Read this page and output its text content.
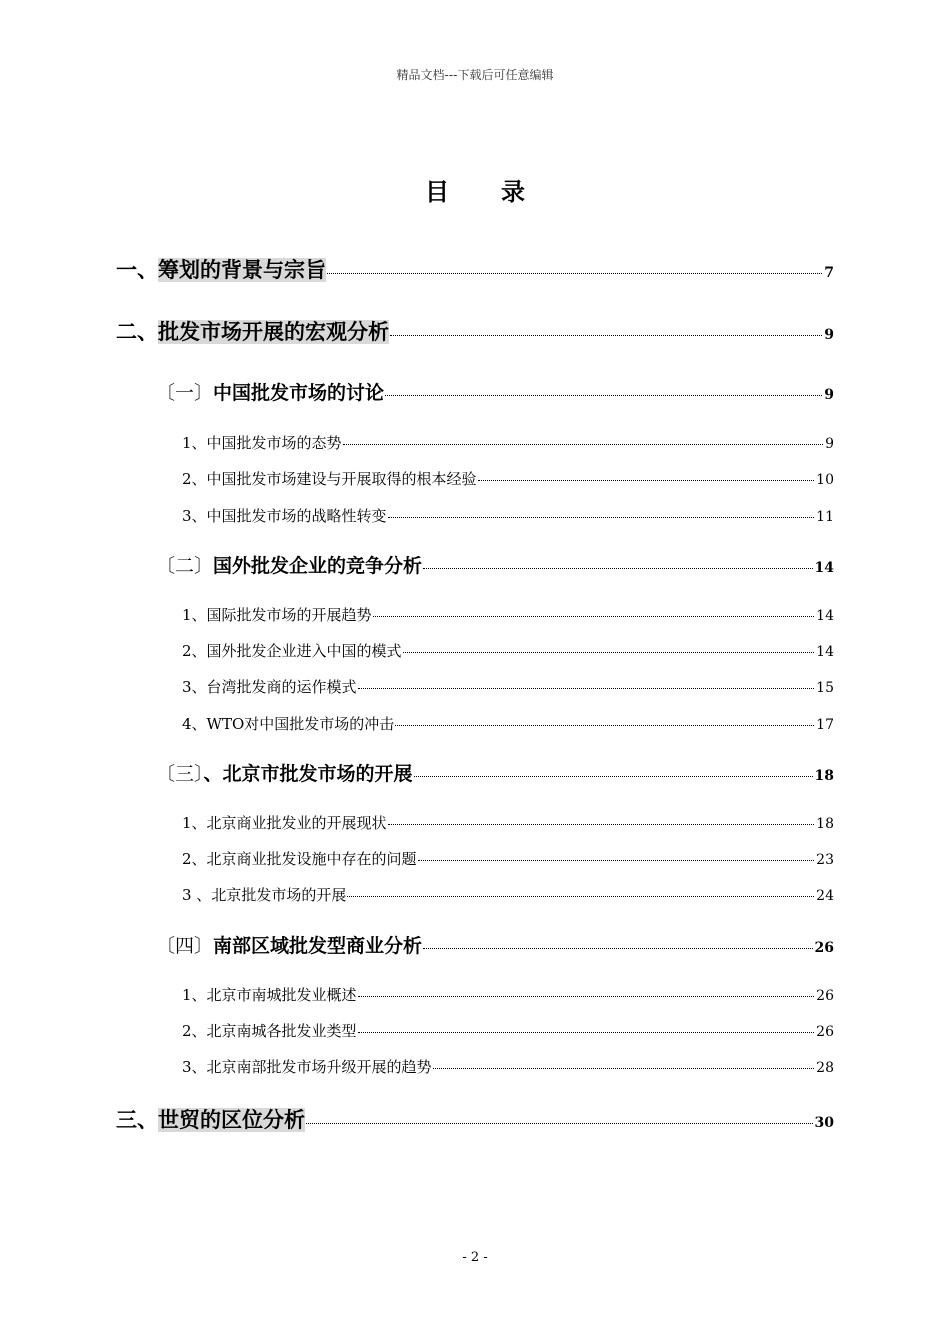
精品文档---下载后可任意编辑
目录
一、筹划的背景与宗旨	7
二、批发市场开展的宏观分析	9
〔一〕中国批发市场的讨论	9
1、中国批发市场的态势	9
2、中国批发市场建设与开展取得的根本经验	10
3、中国批发市场的战略性转变	11
〔二〕国外批发企业的竞争分析	14
1、国际批发市场的开展趋势	14
2、国外批发企业进入中国的模式	14
3、台湾批发商的运作模式	15
4、WTO对中国批发市场的冲击	17
〔三〕、北京市批发市场的开展	18
1、北京商业批发业的开展现状	18
2、北京商业批发设施中存在的问题	23
3 、北京批发市场的开展	24
〔四〕南部区域批发型商业分析	26
1、北京市南城批发业概述	26
2、北京南城各批发业类型	26
3、北京南部批发市场升级开展的趋势	28
三、世贸的区位分析	30
- 2 -
